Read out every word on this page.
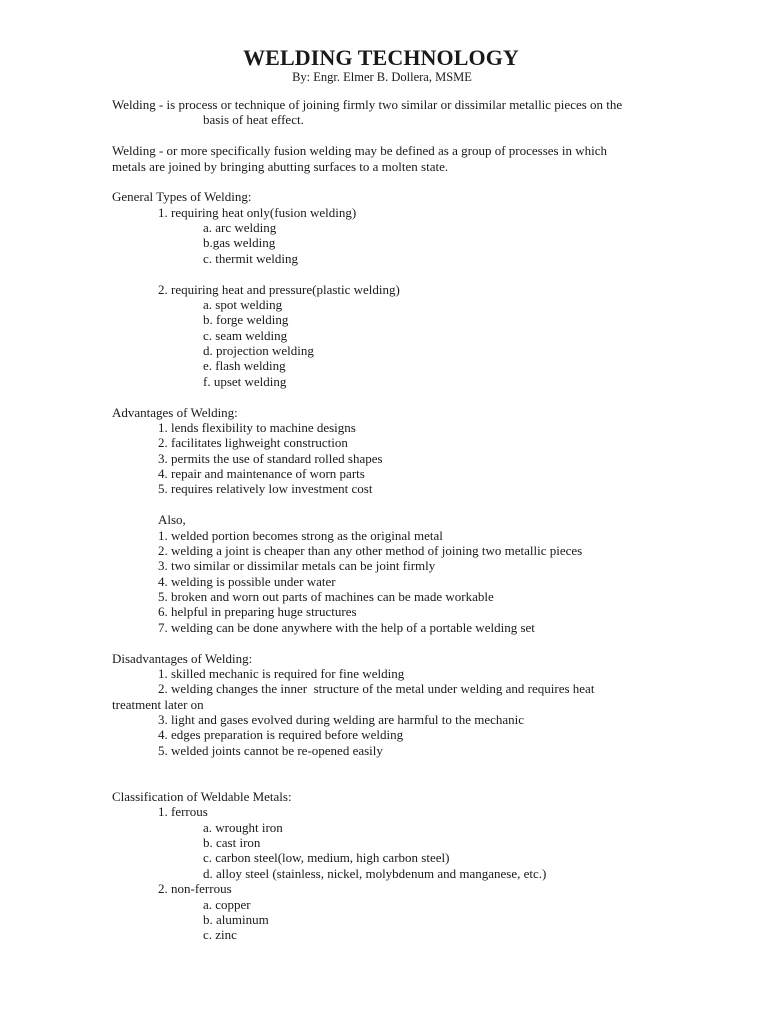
WELDING TECHNOLOGY
By: Engr. Elmer B. Dollera, MSME
Welding - is process or technique of joining firmly two similar or dissimilar metallic pieces on the
basis of heat effect.
Welding - or more specifically fusion welding may be defined as a group of processes in which
metals are joined by bringing abutting surfaces to a molten state.
General Types of Welding:
1. requiring heat only(fusion welding)
a. arc welding
b.gas welding
c. thermit welding
2. requiring heat and pressure(plastic welding)
a. spot welding
b. forge welding
c. seam welding
d. projection welding
e. flash welding
f. upset welding
Advantages of Welding:
1. lends flexibility to machine designs
2. facilitates lighweight construction
3. permits the use of standard rolled shapes
4. repair and maintenance of worn parts
5. requires relatively low investment cost
Also,
1. welded portion becomes strong as the original metal
2. welding a joint is cheaper than any other method of joining two metallic pieces
3. two similar or dissimilar metals can be joint firmly
4. welding is possible under water
5. broken and worn out parts of machines can be made workable
6. helpful in preparing huge structures
7. welding can be done anywhere with the help of a portable welding set
Disadvantages of Welding:
1. skilled mechanic is required for fine welding
2. welding changes the inner  structure of the metal under welding and requires heat
treatment later on
3. light and gases evolved during welding are harmful to the mechanic
4. edges preparation is required before welding
5. welded joints cannot be re-opened easily
Classification of Weldable Metals:
1. ferrous
a. wrought iron
b. cast iron
c. carbon steel(low, medium, high carbon steel)
d. alloy steel (stainless, nickel, molybdenum and manganese, etc.)
2. non-ferrous
a. copper
b. aluminum
c. zinc
